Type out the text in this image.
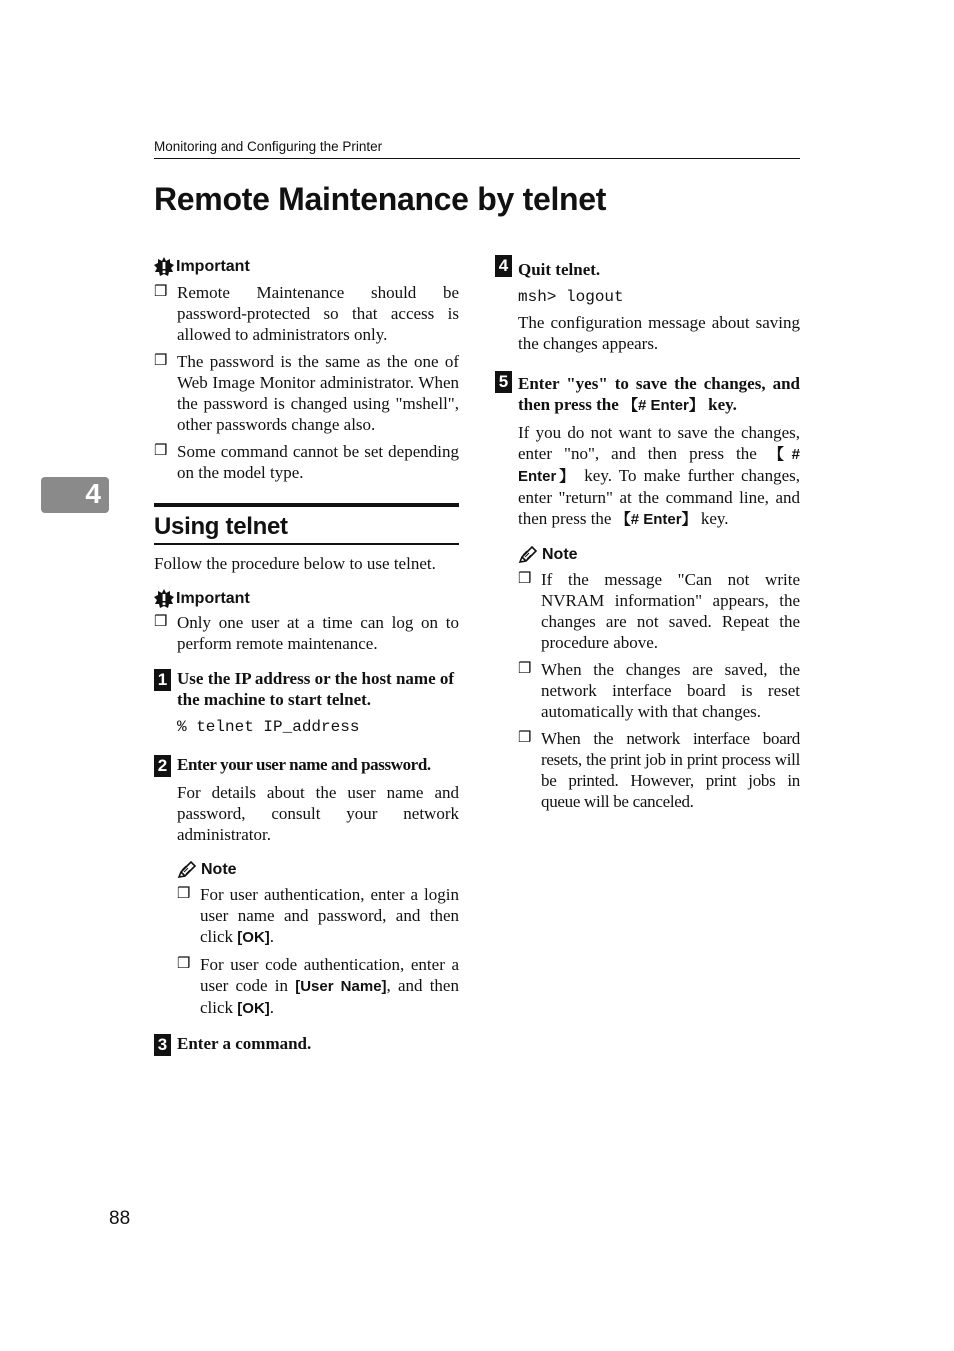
Monitoring and Configuring the Printer
Remote Maintenance by telnet
4
Important
❒ Remote Maintenance should be password-protected so that access is allowed to administrators only.
❒ The password is the same as the one of Web Image Monitor administrator. When the password is changed using "mshell", other passwords change also.
❒ Some command cannot be set depending on the model type.
Using telnet
Follow the procedure below to use telnet.
Important
❒ Only one user at a time can log on to perform remote maintenance.
1 Use the IP address or the host name of the machine to start telnet.
% telnet IP_address
2 Enter your user name and password.
For details about the user name and password, consult your network administrator.
Note
❒ For user authentication, enter a login user name and password, and then click [OK].
❒ For user code authentication, enter a user code in [User Name], and then click [OK].
3 Enter a command.
4 Quit telnet.
msh> logout
The configuration message about saving the changes appears.
5 Enter "yes" to save the changes, and then press the 【# Enter】 key.
If you do not want to save the changes, enter "no", and then press the 【# Enter】 key. To make further changes, enter "return" at the command line, and then press the 【# Enter】 key.
Note
❒ If the message "Can not write NVRAM information" appears, the changes are not saved. Repeat the procedure above.
❒ When the changes are saved, the network interface board is reset automatically with that changes.
❒ When the network interface board resets, the print job in print process will be printed. However, print jobs in queue will be canceled.
88
